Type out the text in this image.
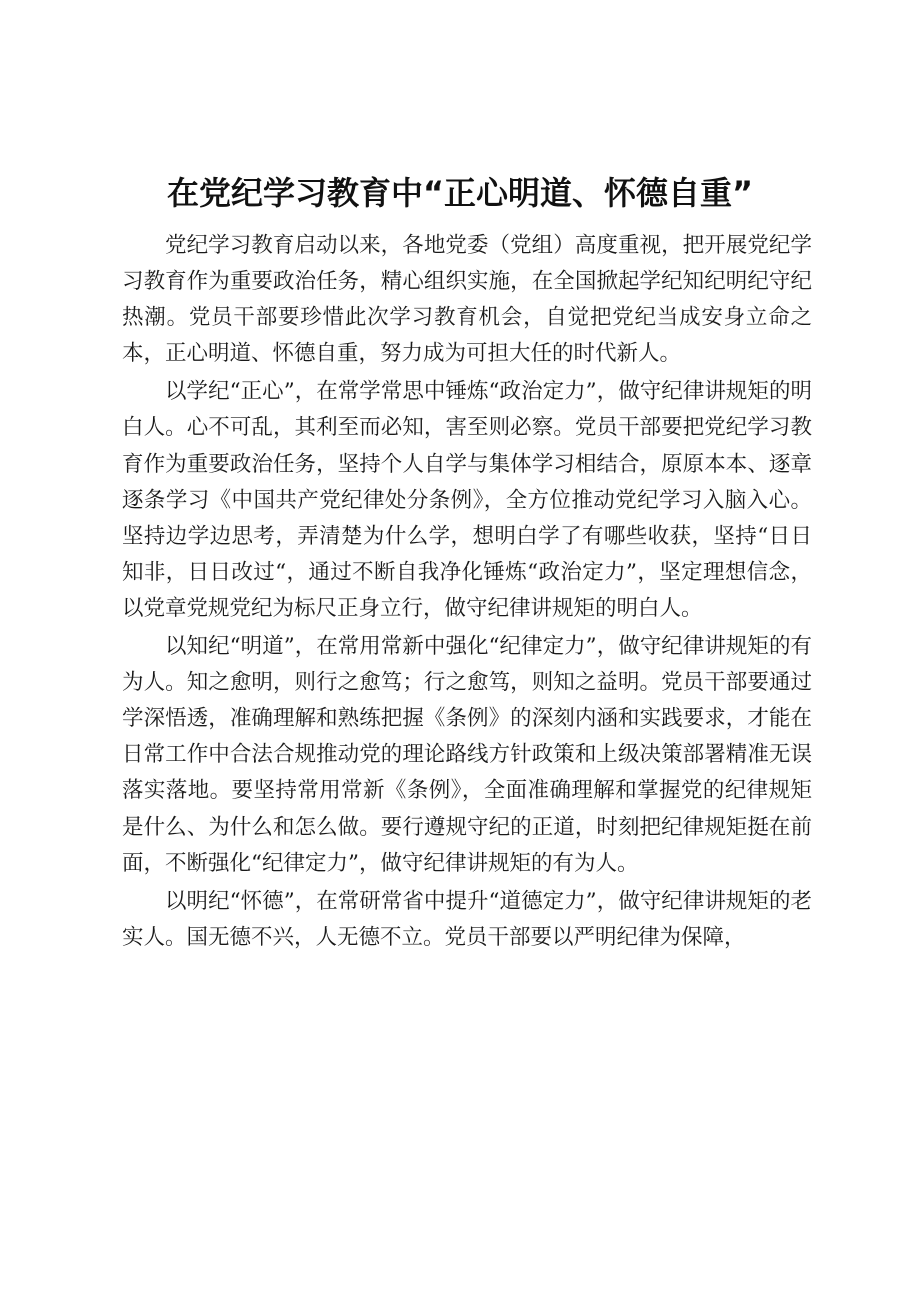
在党纪学习教育中“正心明道、怀德自重”

党纪学习教育启动以来，各地党委（党组）高度重视，把开展党纪学习教育作为重要政治任务，精心组织实施，在全国掀起学纪知纪明纪守纪热潮。党员干部要珍惜此次学习教育机会，自觉把党纪当成安身立命之本，正心明道、怀德自重，努力成为可担大任的时代新人。

以学纪“正心”，在常学常思中锤炼“政治定力”，做守纪律讲规矩的明白人。心不可乱，其利至而必知，害至则必察。党员干部要把党纪学习教育作为重要政治任务，坚持个人自学与集体学习相结合，原原本本、逐章逐条学习《中国共产党纪律处分条例》，全方位推动党纪学习入脑入心。坚持边学边思考，弄清楚为什么学，想明白学了有哪些收获，坚持“日日知非，日日改过“，通过不断自我净化锤炼“政治定力”，坚定理想信念，以党章党规党纪为标尺正身立行，做守纪律讲规矩的明白人。

以知纪“明道”，在常用常新中强化“纪律定力”，做守纪律讲规矩的有为人。知之愈明，则行之愈笃；行之愈笃，则知之益明。党员干部要通过学深悟透，准确理解和熟练把握《条例》的深刻内涵和实践要求，才能在日常工作中合法合规推动党的理论路线方针政策和上级决策部署精准无误落实落地。要坚持常用常新《条例》，全面准确理解和掌握党的纪律规矩是什么、为什么和怎么做。要行遵规守纪的正道，时刻把纪律规矩挺在前面，不断强化“纪律定力”，做守纪律讲规矩的有为人。

以明纪“怀德”，在常研常省中提升“道德定力”，做守纪律讲规矩的老实人。国无德不兴，人无德不立。党员干部要以严明纪律为保障，
